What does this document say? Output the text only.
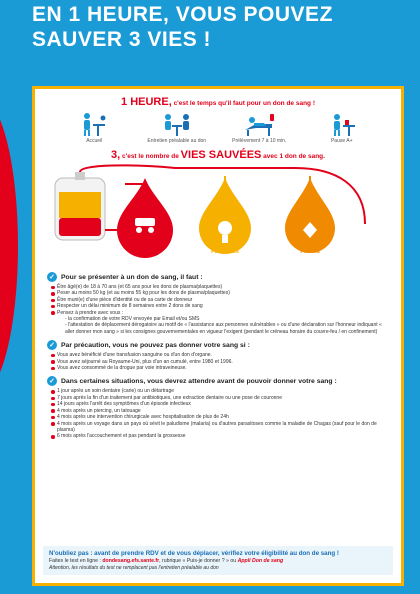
EN 1 HEURE, VOUS POUVEZ
SAUVER 3 VIES !
1 HEURE, c'est le temps qu'il faut pour un don de sang !
Accueil	Entretien préalable au don	Prélèvement 7 à 10 min.	Pause A+
3, c'est le nombre de VIES SAUVÉES avec 1 don de sang.
Globules rouges
Plaquettes	Plasma
✓ Pour se présenter à un don de sang, il faut :
Être âgé(e) de 18 à 70 ans (et 65 ans pour les dons de plasma/plaquettes)
Peser au moins 50 kg (et au moins 55 kg pour les dons de plasma/plaquettes)
Être muni(e) d'une pièce d'identité ou de sa carte de donneur
Respecter un délai minimum de 8 semaines entre 2 dons de sang
Pensez à prendre avec vous :
- la confirmation de votre RDV envoyée par Email et/ou SMS
- l'attestation de déplacement dérogatoire au motif de « l'assistance aux personnes vulnérables » ou d'une déclaration sur l'honneur indiquant « aller donner mon sang » si les consignes gouvernementales en vigueur l'exigent (pendant le créneau horaire du couvre-feu / en confinement)
✓ Par précaution, vous ne pouvez pas donner votre sang si :
Vous avez bénéficié d'une transfusion sanguine ou d'un don d'organe.
Vous avez séjourné au Royaume-Uni, plus d'un an cumulé, entre 1980 et 1996.
Vous avez consommé de la drogue par voie intraveineuse.
✓ Dans certaines situations, vous devrez attendre avant de pouvoir donner votre sang :
1 jour après un soin dentaire (carie) ou un détartrage
7 jours après la fin d'un traitement par antibiotiques, une extraction dentaire ou une pose de couronne
14 jours après l'arrêt des symptômes d'un épisode infectieux
4 mois après un piercing, un tatouage
4 mois après une intervention chirurgicale avec hospitalisation de plus de 24h
4 mois après un voyage dans un pays où sévit le paludisme (malaria) ou d'autres parasitoses comme la maladie de Chagas (sauf pour le don de plasma)
6 mois après l'accouchement et pas pendant la grossesse
N'oubliez pas : avant de prendre RDV et de vous déplacer, vérifiez votre éligibilité au don de sang !
Faites le test en ligne : dondesang.efs.sante.fr, rubrique « Puis-je donner ? » ou Appli Don de sang
Attention, les résultats du test ne remplacent pas l'entretien préalable au don
